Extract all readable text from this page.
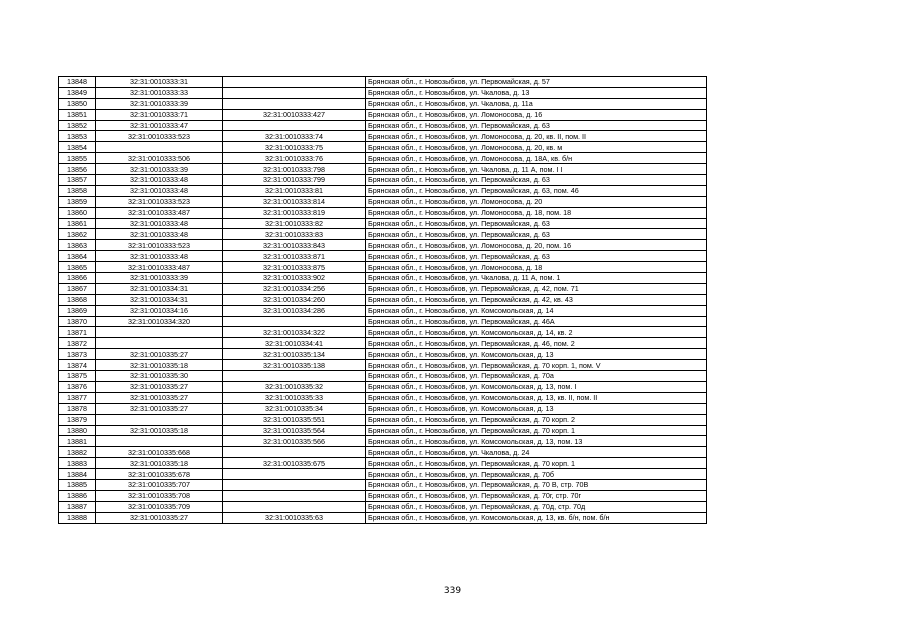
13848	32:31:0010333:31		Брянская обл., г. Новозыбков, ул. Первомайская, д. 57
13849	32:31:0010333:33		Брянская обл., г. Новозыбков, ул. Чкалова, д. 13
13850	32:31:0010333:39		Брянская обл., г. Новозыбков, ул. Чкалова, д. 11а
13851	32:31:0010333:71	32:31:0010333:427	Брянская обл., г. Новозыбков, ул. Ломоносова, д. 16
13852	32:31:0010333:47		Брянская обл., г. Новозыбков, ул. Первомайская, д. 63
13853	32:31:0010333:523	32:31:0010333:74	Брянская обл., г. Новозыбков, ул. Ломоносова, д. 20, кв. II, пом. II
13854		32:31:0010333:75	Брянская обл., г. Новозыбков, ул. Ломоносова, д. 20, кв. м
13855	32:31:0010333:506	32:31:0010333:76	Брянская обл., г. Новозыбков, ул. Ломоносова, д. 18А, кв. б/н
13856	32:31:0010333:39	32:31:0010333:798	Брянская обл., г. Новозыбков, ул. Чкалова, д. 11 А, пом. I I
13857	32:31:0010333:48	32:31:0010333:799	Брянская обл., г. Новозыбков, ул. Первомайская, д. 63
13858	32:31:0010333:48	32:31:0010333:81	Брянская обл., г. Новозыбков, ул. Первомайская, д. 63, пом. 46
13859	32:31:0010333:523	32:31:0010333:814	Брянская обл., г. Новозыбков, ул. Ломоносова, д. 20
13860	32:31:0010333:487	32:31:0010333:819	Брянская обл., г. Новозыбков, ул. Ломоносова, д. 18, пом. 18
13861	32:31:0010333:48	32:31:0010333:82	Брянская обл., г. Новозыбков, ул. Первомайская, д. 63
13862	32:31:0010333:48	32:31:0010333:83	Брянская обл., г. Новозыбков, ул. Первомайская, д. 63
13863	32:31:0010333:523	32:31:0010333:843	Брянская обл., г. Новозыбков, ул. Ломоносова, д. 20, пом. 16
13864	32:31:0010333:48	32:31:0010333:871	Брянская обл., г. Новозыбков, ул. Первомайская, д. 63
13865	32:31:0010333:487	32:31:0010333:875	Брянская обл., г. Новозыбков, ул. Ломоносова, д. 18
13866	32:31:0010333:39	32:31:0010333:902	Брянская обл., г. Новозыбков, ул. Чкалова, д. 11 А, пом. 1
13867	32:31:0010334:31	32:31:0010334:256	Брянская обл., г. Новозыбков, ул. Первомайская, д. 42, пом. 71
13868	32:31:0010334:31	32:31:0010334:260	Брянская обл., г. Новозыбков, ул. Первомайская, д. 42, кв. 43
13869	32:31:0010334:16	32:31:0010334:286	Брянская обл., г. Новозыбков, ул. Комсомольская, д. 14
13870	32:31:0010334:320		Брянская обл., г. Новозыбков, ул. Первомайская, д. 46А
13871		32:31:0010334:322	Брянская обл., г. Новозыбков, ул. Комсомольская, д. 14, кв. 2
13872		32:31:0010334:41	Брянская обл., г. Новозыбков, ул. Первомайская, д. 46, пом. 2
13873	32:31:0010335:27	32:31:0010335:134	Брянская обл., г. Новозыбков, ул. Комсомольская, д. 13
13874	32:31:0010335:18	32:31:0010335:138	Брянская обл., г. Новозыбков, ул. Первомайская, д. 70 корп. 1, пом. V
13875	32:31:0010335:30		Брянская обл., г. Новозыбков, ул. Первомайская, д. 70а
13876	32:31:0010335:27	32:31:0010335:32	Брянская обл., г. Новозыбков, ул. Комсомольская, д. 13, пом. I
13877	32:31:0010335:27	32:31:0010335:33	Брянская обл., г. Новозыбков, ул. Комсомольская, д. 13, кв. II, пом. II
13878	32:31:0010335:27	32:31:0010335:34	Брянская обл., г. Новозыбков, ул. Комсомольская, д. 13
13879		32:31:0010335:551	Брянская обл., г. Новозыбков, ул. Первомайская, д. 70 корп. 2
13880	32:31:0010335:18	32:31:0010335:564	Брянская обл., г. Новозыбков, ул. Первомайская, д. 70 корп. 1
13881		32:31:0010335:566	Брянская обл., г. Новозыбков, ул. Комсомольская, д. 13, пом. 13
13882	32:31:0010335:668		Брянская обл., г. Новозыбков, ул. Чкалова, д. 24
13883	32:31:0010335:18	32:31:0010335:675	Брянская обл., г. Новозыбков, ул. Первомайская, д. 70 корп. 1
13884	32:31:0010335:678		Брянская обл., г. Новозыбков, ул. Первомайская, д. 70б
13885	32:31:0010335:707		Брянская обл., г. Новозыбков, ул. Первомайская, д. 70 В, стр. 70В
13886	32:31:0010335:708		Брянская обл., г. Новозыбков, ул. Первомайская, д. 70г, стр. 70г
13887	32:31:0010335:709		Брянская обл., г. Новозыбков, ул. Первомайская, д. 70д, стр. 70д
13888	32:31:0010335:27	32:31:0010335:63	Брянская обл., г. Новозыбков, ул. Комсомольская, д. 13, кв. б/н, пом. б/н
339
